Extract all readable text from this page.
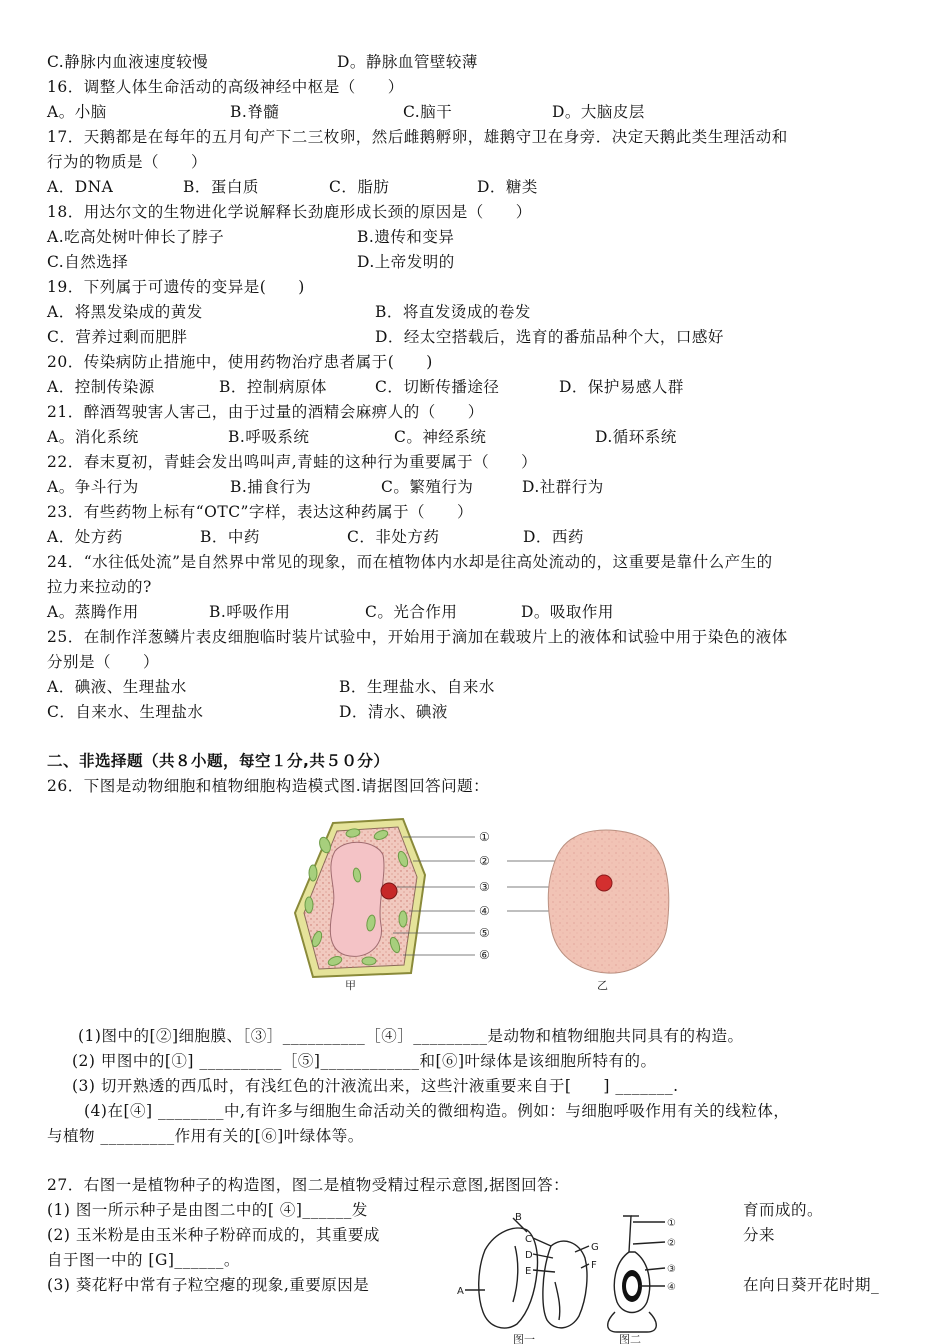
C.静脉内血液速度较慢	D。静脉血管壁较薄
16．调整人体生命活动的高级神经中枢是（　　）
A。小脑	B.脊髓	C.脑干	D。大脑皮层
17．天鹅都是在每年的五月旬产下二三枚卵，然后雌鹅孵卵，雄鹅守卫在身旁．决定天鹅此类生理活动和
行为的物质是（　　）
A．DNA	B．蛋白质	C．脂肪	D．糖类
18．用达尔文的生物进化学说解释长劲鹿形成长颈的原因是（　　）
A.吃高处树叶伸长了脖子	B.遗传和变异
C.自然选择	D.上帝发明的
19．下列属于可遗传的变异是(　　)
A．将黑发染成的黄发	B．将直发烫成的卷发
C．营养过剩而肥胖	D．经太空搭载后，选育的番茄品种个大，口感好
20．传染病防止措施中，使用药物治疗患者属于(　　)
A．控制传染源	B．控制病原体	C．切断传播途径	D．保护易感人群
21．醉酒驾驶害人害己，由于过量的酒精会麻痹人的（　　）
A。消化系统	B.呼吸系统	C。神经系统	D.循环系统
22．春末夏初，青蛙会发出鸣叫声,青蛙的这种行为重要属于（　　）
A。争斗行为	B.捕食行为	C。繁殖行为	D.社群行为
23．有些药物上标有“OTC”字样，表达这种药属于（　　）
A．处方药	B．中药	C．非处方药	D．西药
24．“水往低处流”是自然界中常见的现象，而在植物体内水却是往高处流动的，这重要是靠什么产生的
拉力来拉动的?
A。蒸腾作用	B.呼吸作用	C。光合作用	D。吸取作用
25．在制作洋葱鳞片表皮细胞临时装片试验中，开始用于滴加在载玻片上的液体和试验中用于染色的液体
分别是（　　）
A．碘液、生理盐水	B．生理盐水、自来水
C．自来水、生理盐水	D．清水、碘液
二、非选择题（共８小题，每空１分,共５０分）
26．下图是动物细胞和植物细胞构造模式图.请据图回答问题：
①
②
③
④
⑤
⑥
甲	乙
(1)图中的[②]细胞膜、［③］__________［④］_________是动物和植物细胞共同具有的构造。
(2) 甲图中的[①] __________［⑤]____________和[⑥]叶绿体是该细胞所特有的。
(3) 切开熟透的西瓜时，有浅红色的汁液流出来，这些汁液重要来自于[　　] _______.
(4)在[④] ________中,有许多与细胞生命活动关的微细构造。例如：与细胞呼吸作用有关的线粒体，
与植物 _________作用有关的[⑥]叶绿体等。
27．右图一是植物种子的构造图，图二是植物受精过程示意图,据图回答：
(1) 图一所示种子是由图二中的[ ④]______发	育而成的。
(2) 玉米粉是由玉米种子粉碎而成的，其重要成	分来
自于图一中的 [G]______。
(3) 葵花籽中常有子粒空瘪的现象,重要原因是	在向日葵开花时期_
A
B
C
D
E
F
G
①
②
③
④
图一	图二
